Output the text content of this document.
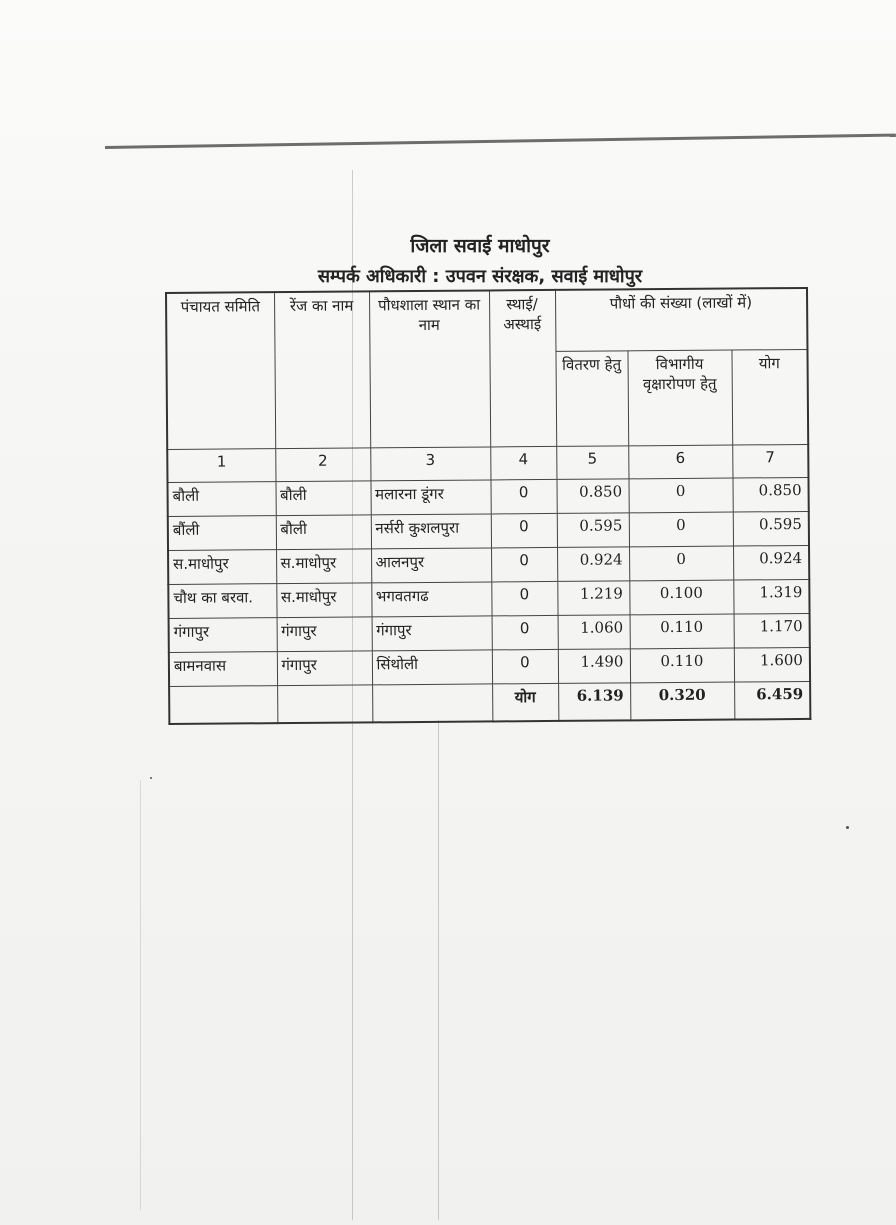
जिला सवाई माधोपुर

सम्पर्क अधिकारी : उपवन संरक्षक, सवाई माधोपुर

पंचायत समिति	रेंज का नाम	पौधशाला स्थान का नाम	स्थाई/ अस्थाई	पौधों की संख्या (लाखों में)		
				वितरण हेतु	विभागीय वृक्षारोपण हेतु	योग
1	2	3	4	5	6	7
बौली	बौली	मलारना डूंगर	0	0.850	0	0.850
बौंली	बौली	नर्सरी कुशलपुरा	0	0.595	0	0.595
स.माधोपुर	स.माधोपुर	आलनपुर	0	0.924	0	0.924
चौथ का बरवा.	स.माधोपुर	भगवतगढ	0	1.219	0.100	1.319
गंगापुर	गंगापुर	गंगापुर	0	1.060	0.110	1.170
बामनवास	गंगापुर	सिंथोली	0	1.490	0.110	1.600
			योग	6.139	0.320	6.459
